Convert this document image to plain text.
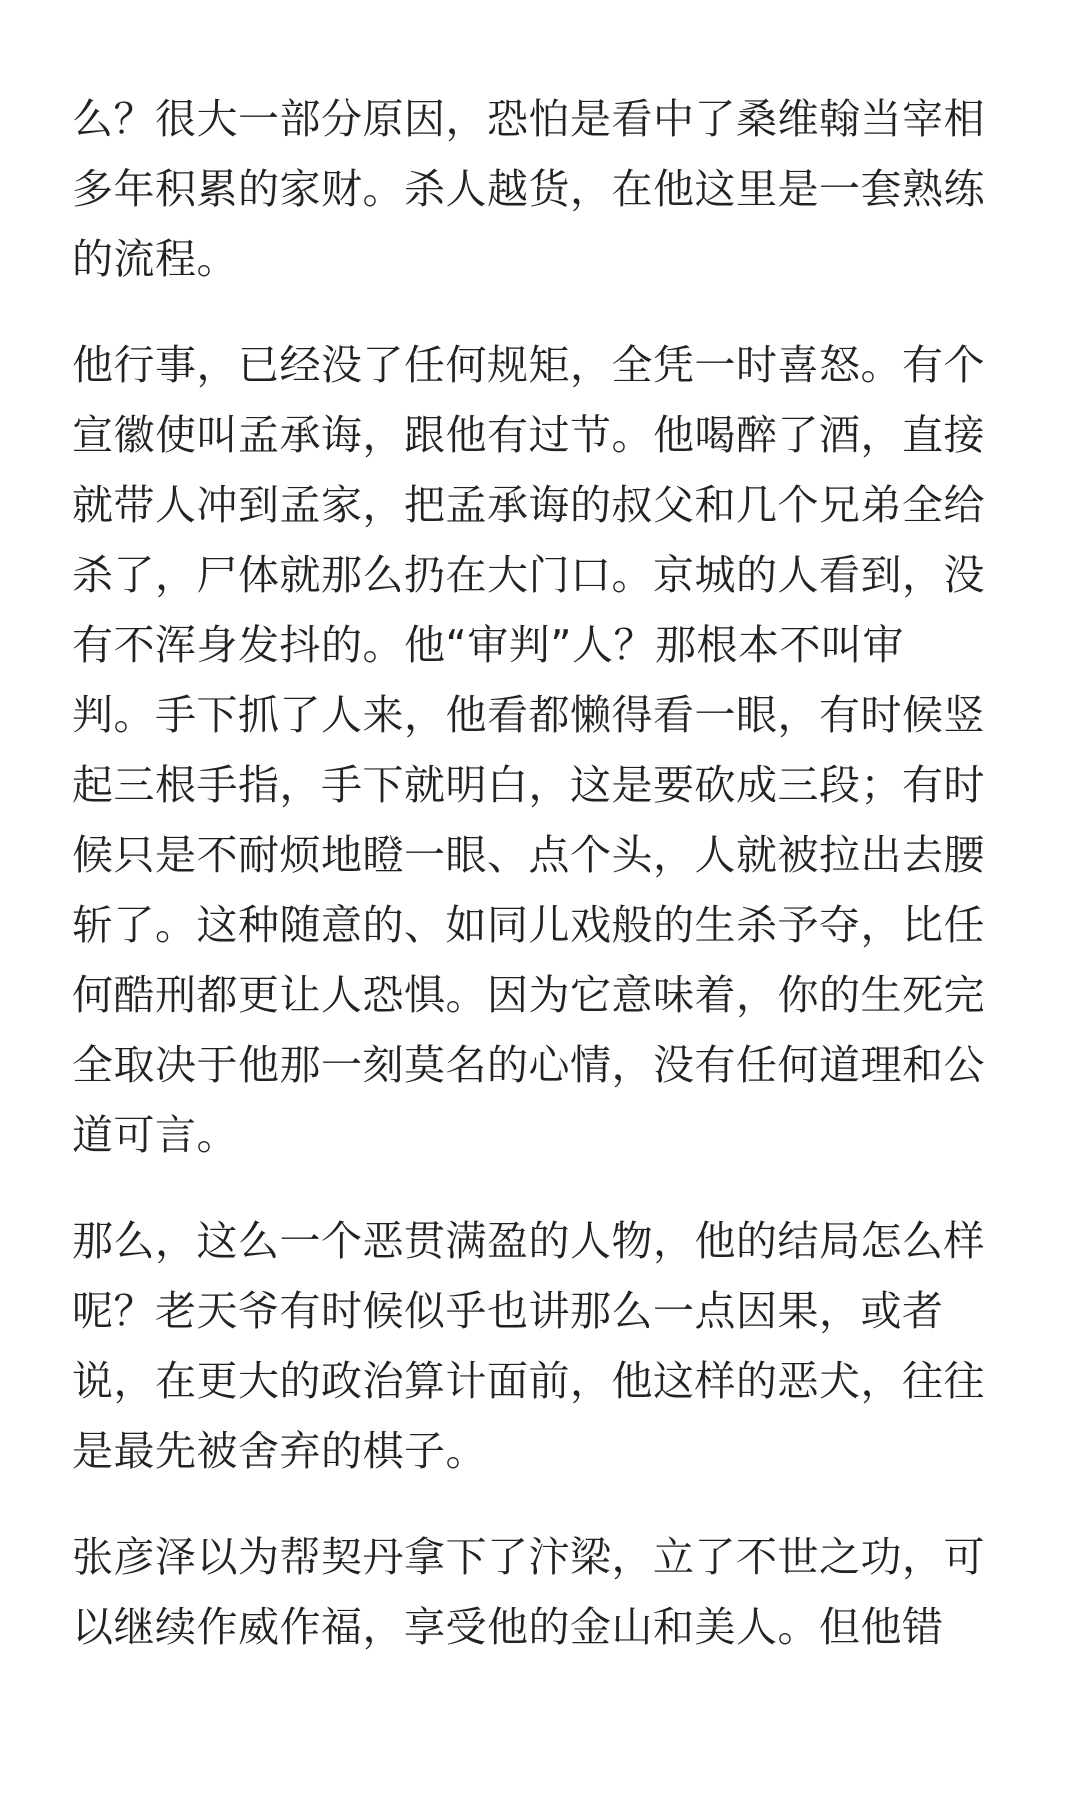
么？很大一部分原因，恐怕是看中了桑维翰当宰相
多年积累的家财。杀人越货，在他这里是一套熟练
的流程。

他行事，已经没了任何规矩，全凭一时喜怒。有个
宣徽使叫孟承诲，跟他有过节。他喝醉了酒，直接
就带人冲到孟家，把孟承诲的叔父和几个兄弟全给
杀了，尸体就那么扔在大门口。京城的人看到，没
有不浑身发抖的。他“审判”人？那根本不叫审
判。手下抓了人来，他看都懒得看一眼，有时候竖
起三根手指，手下就明白，这是要砍成三段；有时
候只是不耐烦地瞪一眼、点个头，人就被拉出去腰
斩了。这种随意的、如同儿戏般的生杀予夺，比任
何酷刑都更让人恐惧。因为它意味着，你的生死完
全取决于他那一刻莫名的心情，没有任何道理和公
道可言。

那么，这么一个恶贯满盈的人物，他的结局怎么样
呢？老天爷有时候似乎也讲那么一点因果，或者
说，在更大的政治算计面前，他这样的恶犬，往往
是最先被舍弃的棋子。

张彦泽以为帮契丹拿下了汴梁，立了不世之功，可
以继续作威作福，享受他的金山和美人。但他错
